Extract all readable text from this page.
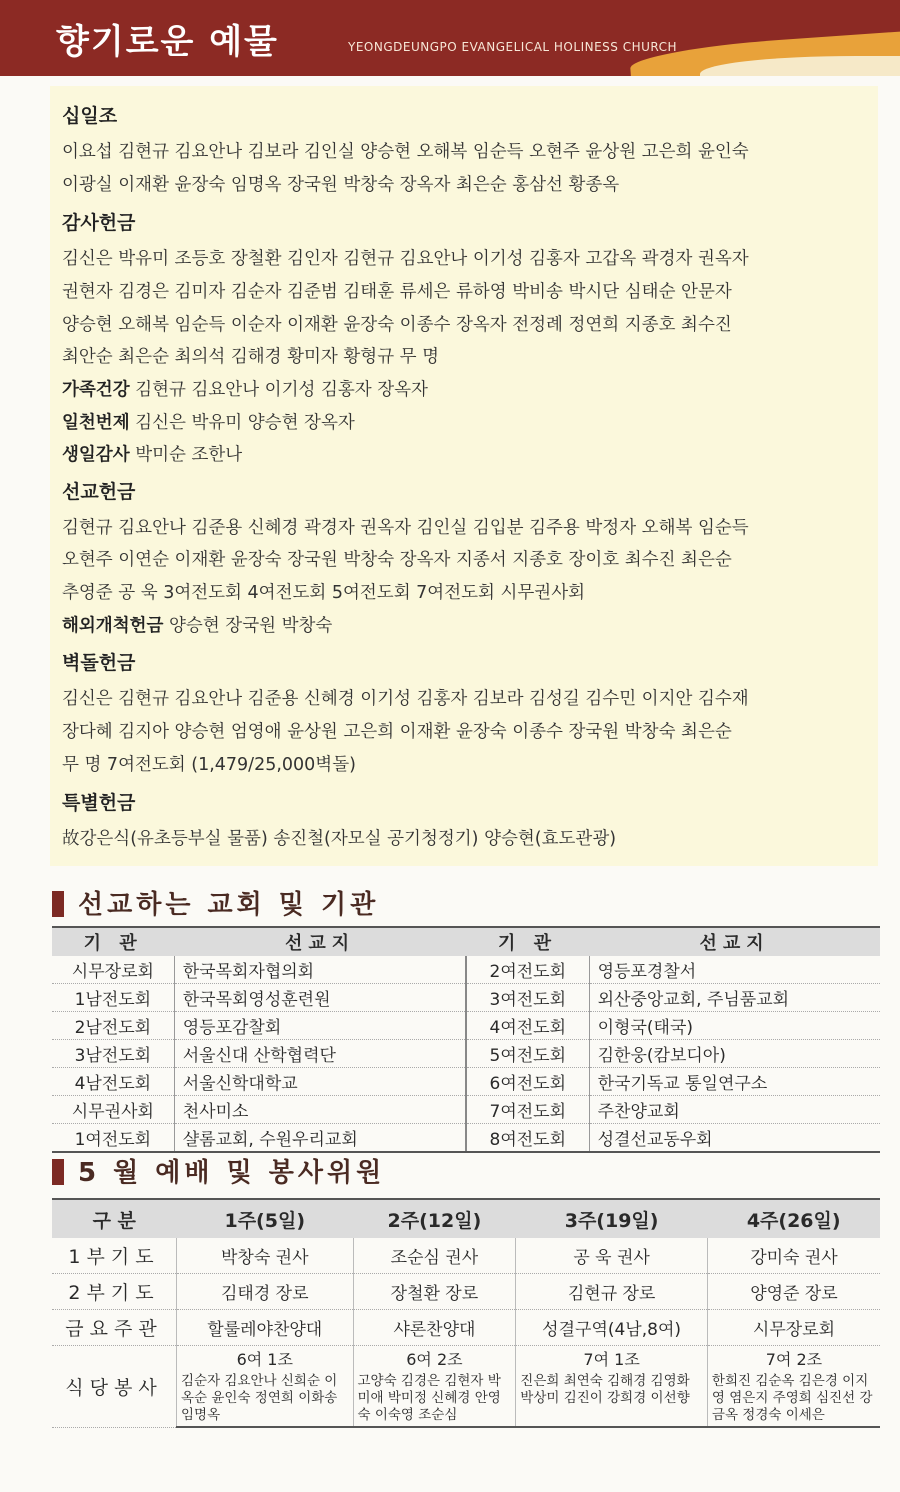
향기로운 예물	YEONGDEUNGPO EVANGELICAL HOLINESS CHURCH
십일조
이요섭 김현규 김요안나 김보라 김인실 양승현 오해복 임순득 오현주 윤상원 고은희 윤인숙
이광실 이재환 윤장숙 임명옥 장국원 박창숙 장옥자 최은순 홍삼선 황종옥
감사헌금
김신은 박유미 조등호 장철환 김인자 김현규 김요안나 이기성 김홍자 고갑옥 곽경자 권옥자
권현자 김경은 김미자 김순자 김준범 김태훈 류세은 류하영 박비송 박시단 심태순 안문자
양승현 오해복 임순득 이순자 이재환 윤장숙 이종수 장옥자 전정례 정연희 지종호 최수진
최안순 최은순 최의석 김해경 황미자 황형규 무 명
가족건강 김현규 김요안나 이기성 김홍자 장옥자
일천번제 김신은 박유미 양승현 장옥자
생일감사 박미순 조한나
선교헌금
김현규 김요안나 김준용 신혜경 곽경자 권옥자 김인실 김입분 김주용 박정자 오해복 임순득
오현주 이연순 이재환 윤장숙 장국원 박창숙 장옥자 지종서 지종호 장이호 최수진 최은순
추영준 공 욱 3여전도회 4여전도회 5여전도회 7여전도회 시무권사회
해외개척헌금 양승현 장국원 박창숙
벽돌헌금
김신은 김현규 김요안나 김준용 신혜경 이기성 김홍자 김보라 김성길 김수민 이지안 김수재
장다혜 김지아 양승현 엄영애 윤상원 고은희 이재환 윤장숙 이종수 장국원 박창숙 최은순
무 명 7여전도회 (1,479/25,000벽돌)
특별헌금
故강은식(유초등부실 물품) 송진철(자모실 공기청정기) 양승현(효도관광)
선교하는 교회 및 기관
기 관	선교지	기 관	선교지
시무장로회	한국목회자협의회	2여전도회	영등포경찰서
1남전도회	한국목회영성훈련원	3여전도회	외산중앙교회, 주님품교회
2남전도회	영등포감찰회	4여전도회	이형국(태국)
3남전도회	서울신대 산학협력단	5여전도회	김한웅(캄보디아)
4남전도회	서울신학대학교	6여전도회	한국기독교 통일연구소
시무권사회	천사미소	7여전도회	주찬양교회
1여전도회	샬롬교회, 수원우리교회	8여전도회	성결선교동우회
5 월 예배 및 봉사위원
구 분	1주(5일)	2주(12일)	3주(19일)	4주(26일)
1부기도	박창숙 권사	조순심 권사	공 욱 권사	강미숙 권사
2부기도	김태경 장로	장철환 장로	김현규 장로	양영준 장로
금요주관	할룰레야찬양대	샤론찬양대	성결구역(4남,8여)	시무장로회
식당봉사	6여 1조	6여 2조	7여 1조	7여 2조
	김순자 김요안나 신희순 이옥순 윤인숙 정연희 이화송 임명옥	고양숙 김경은 김현자 박미애 박미정 신혜경 안영숙 이숙영 조순심	진은희 최연숙 김해경 김영화 박상미 김진이 강희경 이선향	한희진 김순옥 김은경 이지영 염은지 주영희 심진선 강금옥 정경숙 이세은
